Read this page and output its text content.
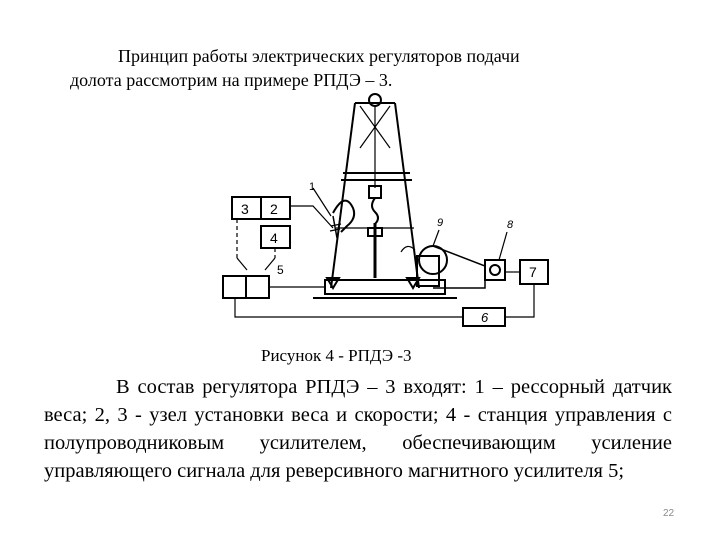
Принцип работы электрических регуляторов подачи
долота рассмотрим на примере РПДЭ – 3.
1
3 2
4
5
9	8
7
6
Рисунок 4 - РПДЭ -3
В состав регулятора РПДЭ – 3 входят: 1 – рессорный датчик веса; 2, 3 - узел установки веса и скорости; 4 - станция управления с полупроводниковым усилителем, обеспечивающим усиление управляющего сигнала для реверсивного магнитного усилителя 5;
22
